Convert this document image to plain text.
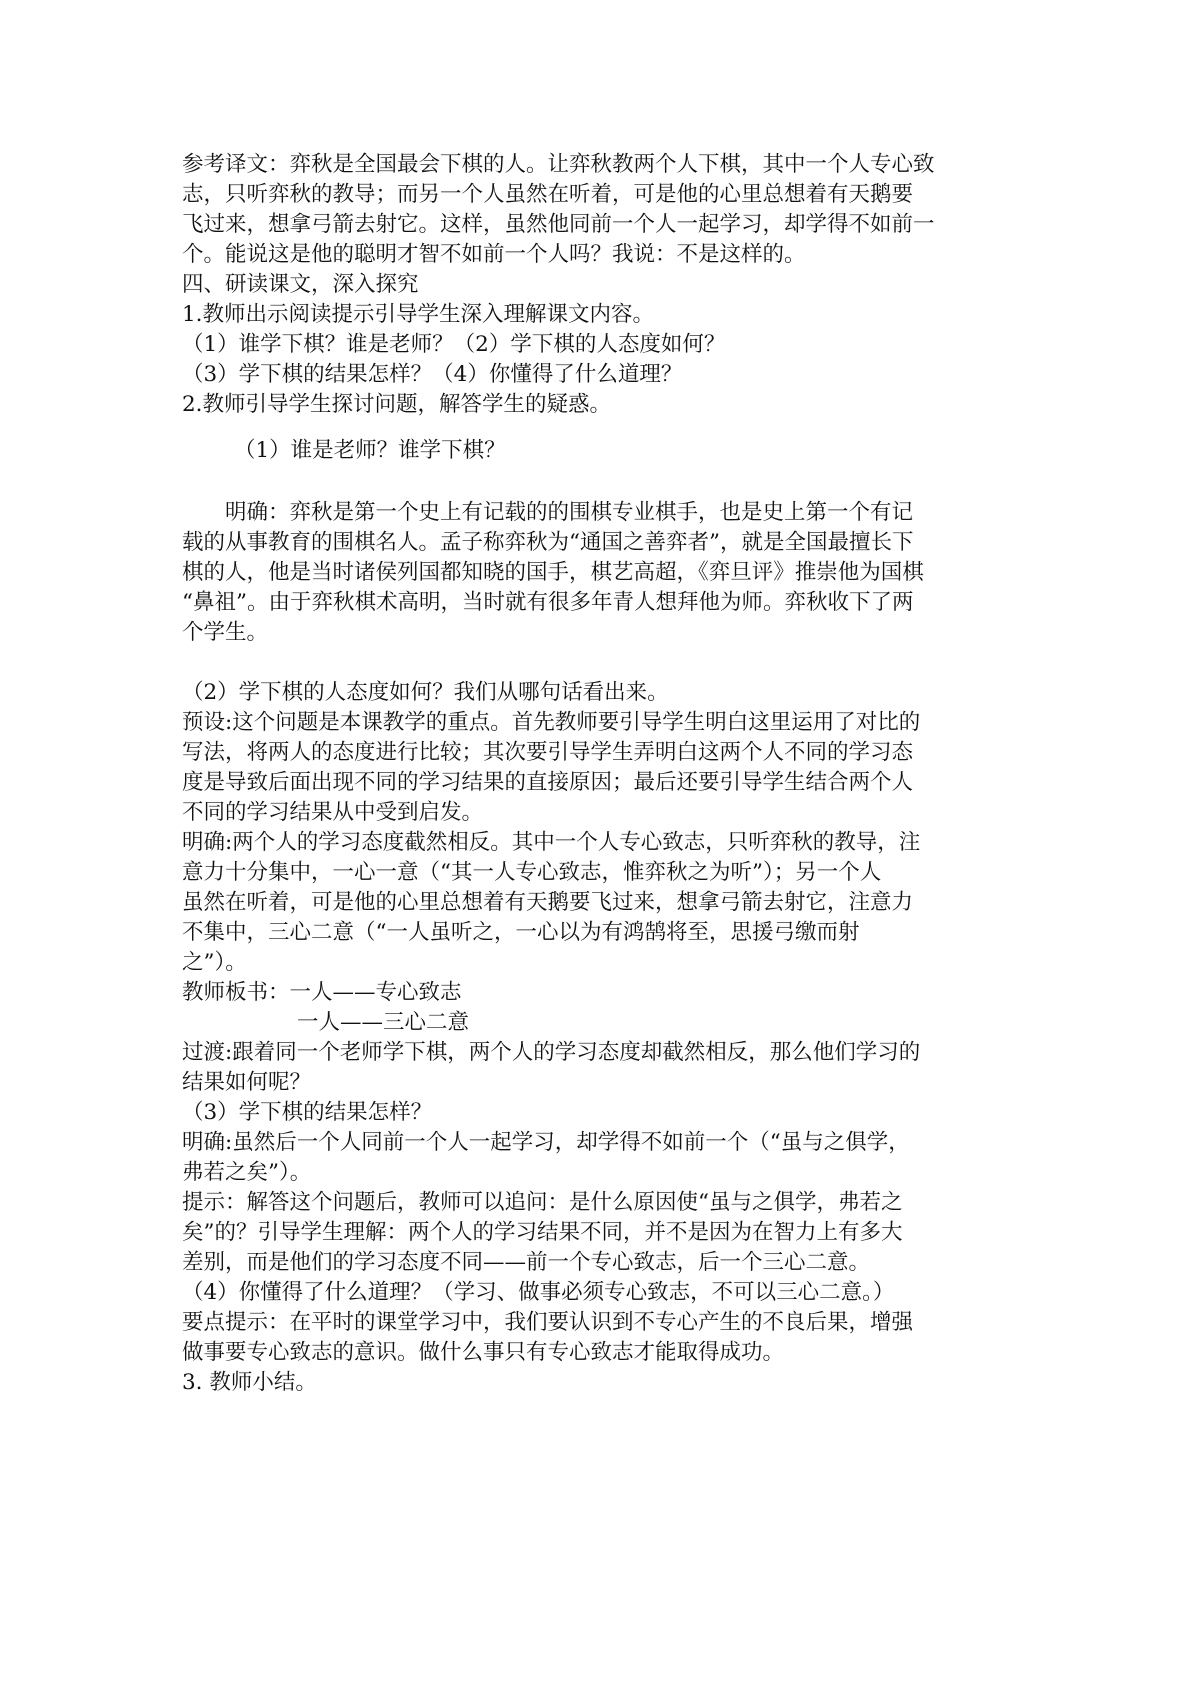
参考译文：弈秋是全国最会下棋的人。让弈秋教两个人下棋，其中一个人专心致
志，只听弈秋的教导；而另一个人虽然在听着，可是他的心里总想着有天鹅要
飞过来，想拿弓箭去射它。这样，虽然他同前一个人一起学习，却学得不如前一
个。能说这是他的聪明才智不如前一个人吗？我说：不是这样的。
四、研读课文，深入探究
1.教师出示阅读提示引导学生深入理解课文内容。
（1）谁学下棋？谁是老师？（2）学下棋的人态度如何？
（3）学下棋的结果怎样？（4）你懂得了什么道理？
2.教师引导学生探讨问题，解答学生的疑惑。
（1）谁是老师？谁学下棋？
明确：弈秋是第一个史上有记载的的围棋专业棋手，也是史上第一个有记
载的从事教育的围棋名人。孟子称弈秋为“通国之善弈者”，就是全国最擅长下
棋的人，他是当时诸侯列国都知晓的国手，棋艺高超，《弈旦评》推崇他为国棋
“鼻祖”。由于弈秋棋术高明，当时就有很多年青人想拜他为师。弈秋收下了两
个学生。
（2）学下棋的人态度如何？我们从哪句话看出来。
预设:这个问题是本课教学的重点。首先教师要引导学生明白这里运用了对比的
写法，将两人的态度进行比较；其次要引导学生弄明白这两个人不同的学习态
度是导致后面出现不同的学习结果的直接原因；最后还要引导学生结合两个人
不同的学习结果从中受到启发。
明确:两个人的学习态度截然相反。其中一个人专心致志，只听弈秋的教导，注
意力十分集中，一心一意（“其一人专心致志，惟弈秋之为听”）；另一个人
虽然在听着，可是他的心里总想着有天鹅要飞过来，想拿弓箭去射它，注意力
不集中，三心二意（“一人虽听之，一心以为有鸿鹄将至，思援弓缴而射
之”）。
教师板书：一人——专心致志
一人——三心二意
过渡:跟着同一个老师学下棋，两个人的学习态度却截然相反，那么他们学习的
结果如何呢？
（3）学下棋的结果怎样？
明确:虽然后一个人同前一个人一起学习，却学得不如前一个（“虽与之俱学，
弗若之矣”）。
提示：解答这个问题后，教师可以追问：是什么原因使“虽与之俱学，弗若之
矣”的？引导学生理解：两个人的学习结果不同，并不是因为在智力上有多大
差别，而是他们的学习态度不同——前一个专心致志，后一个三心二意。
（4）你懂得了什么道理？（学习、做事必须专心致志，不可以三心二意。）
要点提示：在平时的课堂学习中，我们要认识到不专心产生的不良后果，增强
做事要专心致志的意识。做什么事只有专心致志才能取得成功。
3. 教师小结。
